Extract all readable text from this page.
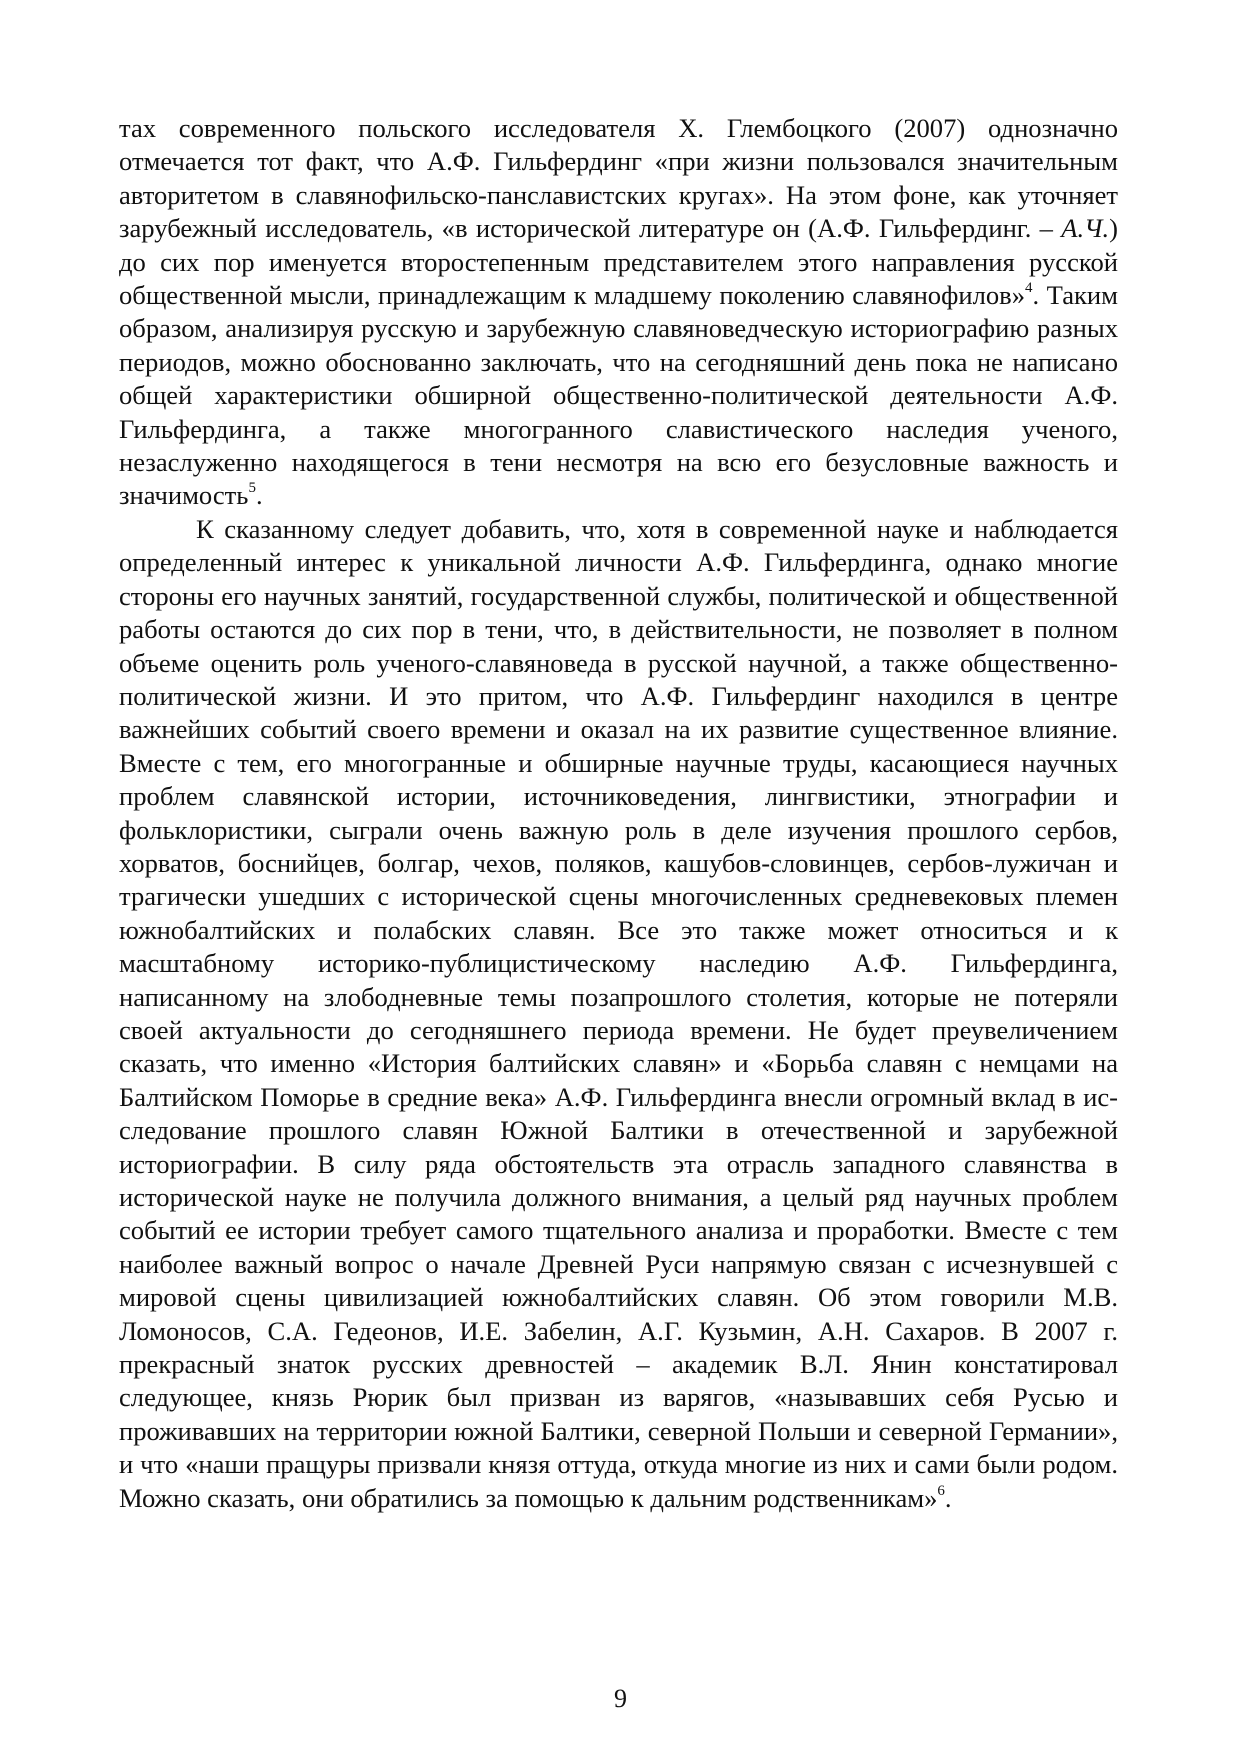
тах современного польского исследователя Х. Глембоцкого (2007) однозначно отмечается тот факт, что А.Ф. Гильфердинг «при жизни пользовался значительным авторитетом в славянофильско-панславистских кругах». На этом фоне, как уточняет зарубежный исследователь, «в исторической литературе он (А.Ф. Гильфердинг. – А.Ч.) до сих пор именуется второстепенным представителем этого направления русской общественной мысли, принадлежащим к младшему поколению славянофилов»$^4$. Таким образом, анализируя русскую и зарубежную славяноведческую историографию разных периодов, можно обоснованно заключать, что на сегодняшний день пока не написано общей характеристики обширной общественно-политической деятельности А.Ф. Гильфердинга, а также многогранного славистического наследия ученого, незаслуженно находящегося в тени несмотря на всю его безусловные важность и значимость$^5$.

К сказанному следует добавить, что, хотя в современной науке и наблюдается определенный интерес к уникальной личности А.Ф. Гильфердинга, однако многие стороны его научных занятий, государственной службы, политической и общественной работы остаются до сих пор в тени, что, в действительности, не позволяет в полном объеме оценить роль ученого-славяноведа в русской научной, а также общественно-политической жизни. И это притом, что А.Ф. Гильфердинг находился в центре важнейших событий своего времени и оказал на их развитие существенное влияние. Вместе с тем, его многогранные и обширные научные труды, касающиеся научных проблем славянской истории, источниковедения, лингвистики, этнографии и фольклористики, сыграли очень важную роль в деле изучения прошлого сербов, хорватов, боснийцев, болгар, чехов, поляков, кашубов-словинцев, сербов-лужичан и трагически ушедших с исторической сцены многочисленных средневековых племен южнобалтийских и полабских славян. Все это также может относиться и к масштабному историко-публицистическому наследию А.Ф. Гильфердинга, написанному на злободневные темы позапрошлого столетия, которые не потеряли своей актуальности до сегодняшнего периода времени. Не будет преувеличением сказать, что именно «История балтийских славян» и «Борьба славян с немцами на Балтийском Поморье в средние века» А.Ф. Гильфердинга внесли огромный вклад в исследование прошлого славян Южной Балтики в отечественной и зарубежной историографии. В силу ряда обстоятельств эта отрасль западного славянства в исторической науке не получила должного внимания, а целый ряд научных проблем событий ее истории требует самого тщательного анализа и проработки. Вместе с тем наиболее важный вопрос о начале Древней Руси напрямую связан с исчезнувшей с мировой сцены цивилизацией южнобалтийских славян. Об этом говорили М.В. Ломоносов, С.А. Гедеонов, И.Е. Забелин, А.Г. Кузьмин, А.Н. Сахаров. В 2007 г. прекрасный знаток русских древностей – академик В.Л. Янин констатировал следующее, князь Рюрик был призван из варягов, «называвших себя Русью и проживавших на территории южной Балтики, северной Польши и северной Германии», и что «наши пращуры призвали князя оттуда, откуда многие из них и сами были родом. Можно сказать, они обратились за помощью к дальним родственникам»$^6$.

9
